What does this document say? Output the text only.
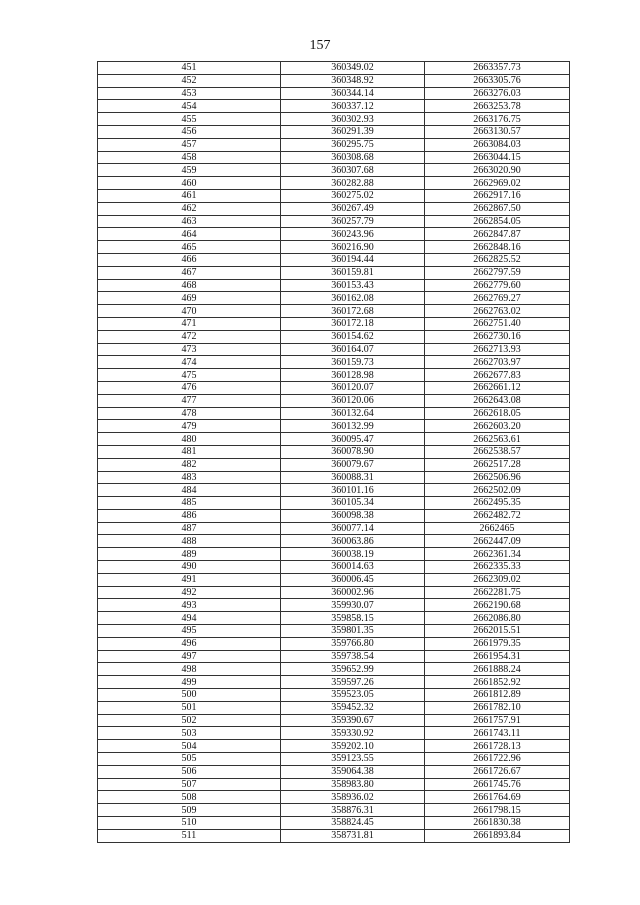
157
451	360349.02	2663357.73
452	360348.92	2663305.76
453	360344.14	2663276.03
454	360337.12	2663253.78
455	360302.93	2663176.75
456	360291.39	2663130.57
457	360295.75	2663084.03
458	360308.68	2663044.15
459	360307.68	2663020.90
460	360282.88	2662969.02
461	360275.02	2662917.16
462	360267.49	2662867.50
463	360257.79	2662854.05
464	360243.96	2662847.87
465	360216.90	2662848.16
466	360194.44	2662825.52
467	360159.81	2662797.59
468	360153.43	2662779.60
469	360162.08	2662769.27
470	360172.68	2662763.02
471	360172.18	2662751.40
472	360154.62	2662730.16
473	360164.07	2662713.93
474	360159.73	2662703.97
475	360128.98	2662677.83
476	360120.07	2662661.12
477	360120.06	2662643.08
478	360132.64	2662618.05
479	360132.99	2662603.20
480	360095.47	2662563.61
481	360078.90	2662538.57
482	360079.67	2662517.28
483	360088.31	2662506.96
484	360101.16	2662502.09
485	360105.34	2662495.35
486	360098.38	2662482.72
487	360077.14	2662465
488	360063.86	2662447.09
489	360038.19	2662361.34
490	360014.63	2662335.33
491	360006.45	2662309.02
492	360002.96	2662281.75
493	359930.07	2662190.68
494	359858.15	2662086.80
495	359801.35	2662015.51
496	359766.80	2661979.35
497	359738.54	2661954.31
498	359652.99	2661888.24
499	359597.26	2661852.92
500	359523.05	2661812.89
501	359452.32	2661782.10
502	359390.67	2661757.91
503	359330.92	2661743.11
504	359202.10	2661728.13
505	359123.55	2661722.96
506	359064.38	2661726.67
507	358983.80	2661745.76
508	358936.02	2661764.69
509	358876.31	2661798.15
510	358824.45	2661830.38
511	358731.81	2661893.84
